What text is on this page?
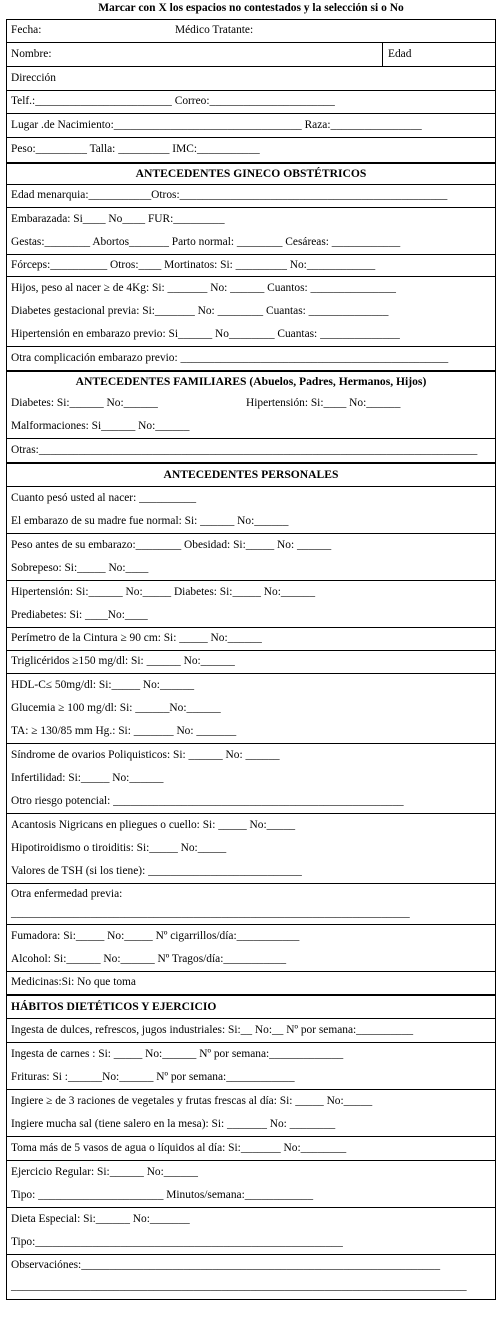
Marcar con X los espacios no contestados y la selección si o No
Fecha:	Médico Tratante:
Nombre:	Edad
Dirección
Telf.:________________________ Correo:______________________
Lugar .de Nacimiento:_________________________________ Raza:________________
Peso:_________ Talla: _________ IMC:___________
ANTECEDENTES GINECO OBSTÉTRICOS
Edad menarquia:___________Otros:_______________________________________________
Embarazada: Si____ No____ FUR:_________
Gestas:________ Abortos_______ Parto normal: ________ Cesáreas: ____________
Fórceps:__________ Otros:____ Mortinatos: Si: _________ No:____________
Hijos, peso al nacer ≥ de 4Kg: Si: _______ No: ______ Cuantos: _______________
Diabetes gestacional previa: Si:_______ No: ________ Cuantas: ______________
Hipertensión en embarazo previo: Si______ No________ Cuantas: ______________
Otra complicación embarazo previo: _______________________________________________
ANTECEDENTES FAMILIARES (Abuelos, Padres, Hermanos, Hijos)
Diabetes: Si:______ No:______	Hipertensión: Si:____ No:______
Malformaciones: Si______ No:______
Otras:_____________________________________________________________________________
ANTECEDENTES PERSONALES
Cuanto pesó usted al nacer: __________
El embarazo de su madre fue normal: Si: ______ No:______
Peso antes de su embarazo:________ Obesidad: Si:_____ No: ______
Sobrepeso: Si:_____ No:____
Hipertensión: Si:______ No:_____ Diabetes: Si:_____ No:______
Prediabetes: Si: ____No:____
Perímetro de la Cintura ≥ 90 cm: Si: _____ No:______
Triglicéridos ≥150 mg/dl: Si: ______ No:______
HDL-C≤ 50mg/dl: Si:_____ No:______
Glucemia ≥ 100 mg/dl: Si: ______No:______
TA: ≥ 130/85 mm Hg.: Si: _______ No: _______
Síndrome de ovarios Poliquisticos: Si: ______ No: ______
Infertilidad: Si:_____ No:______
Otro riesgo potencial: ___________________________________________________
Acantosis Nigricans en pliegues o cuello: Si: _____ No:_____
Hipotiroidismo o tiroiditis: Si:_____ No:_____
Valores de TSH (si los tiene): ___________________________
Otra enfermedad previa:
______________________________________________________________________
Fumadora: Si:_____ No:_____ Nº cigarrillos/día:___________
Alcohol: Si:______ No:______ Nº Tragos/día:___________
Medicinas:Si: No que toma
HÁBITOS DIETÉTICOS Y EJERCICIO
Ingesta de dulces, refrescos, jugos industriales: Si:__ No:__ Nº por semana:__________
Ingesta de carnes : Si: _____ No:______ Nº por semana:_____________
Frituras: Si :______No:______ Nº por semana:____________
Ingiere ≥ de 3 raciones de vegetales y frutas frescas al día: Si: _____ No:_____
Ingiere mucha sal (tiene salero en la mesa): Si: _______ No: ________
Toma más de 5 vasos de agua o líquidos al día: Si:_______ No:________
Ejercicio Regular: Si:______ No:______
Tipo: ______________________ Minutos/semana:____________
Dieta Especial: Si:______ No:_______
Tipo:______________________________________________________
Observaciónes:_______________________________________________________________
________________________________________________________________________________
